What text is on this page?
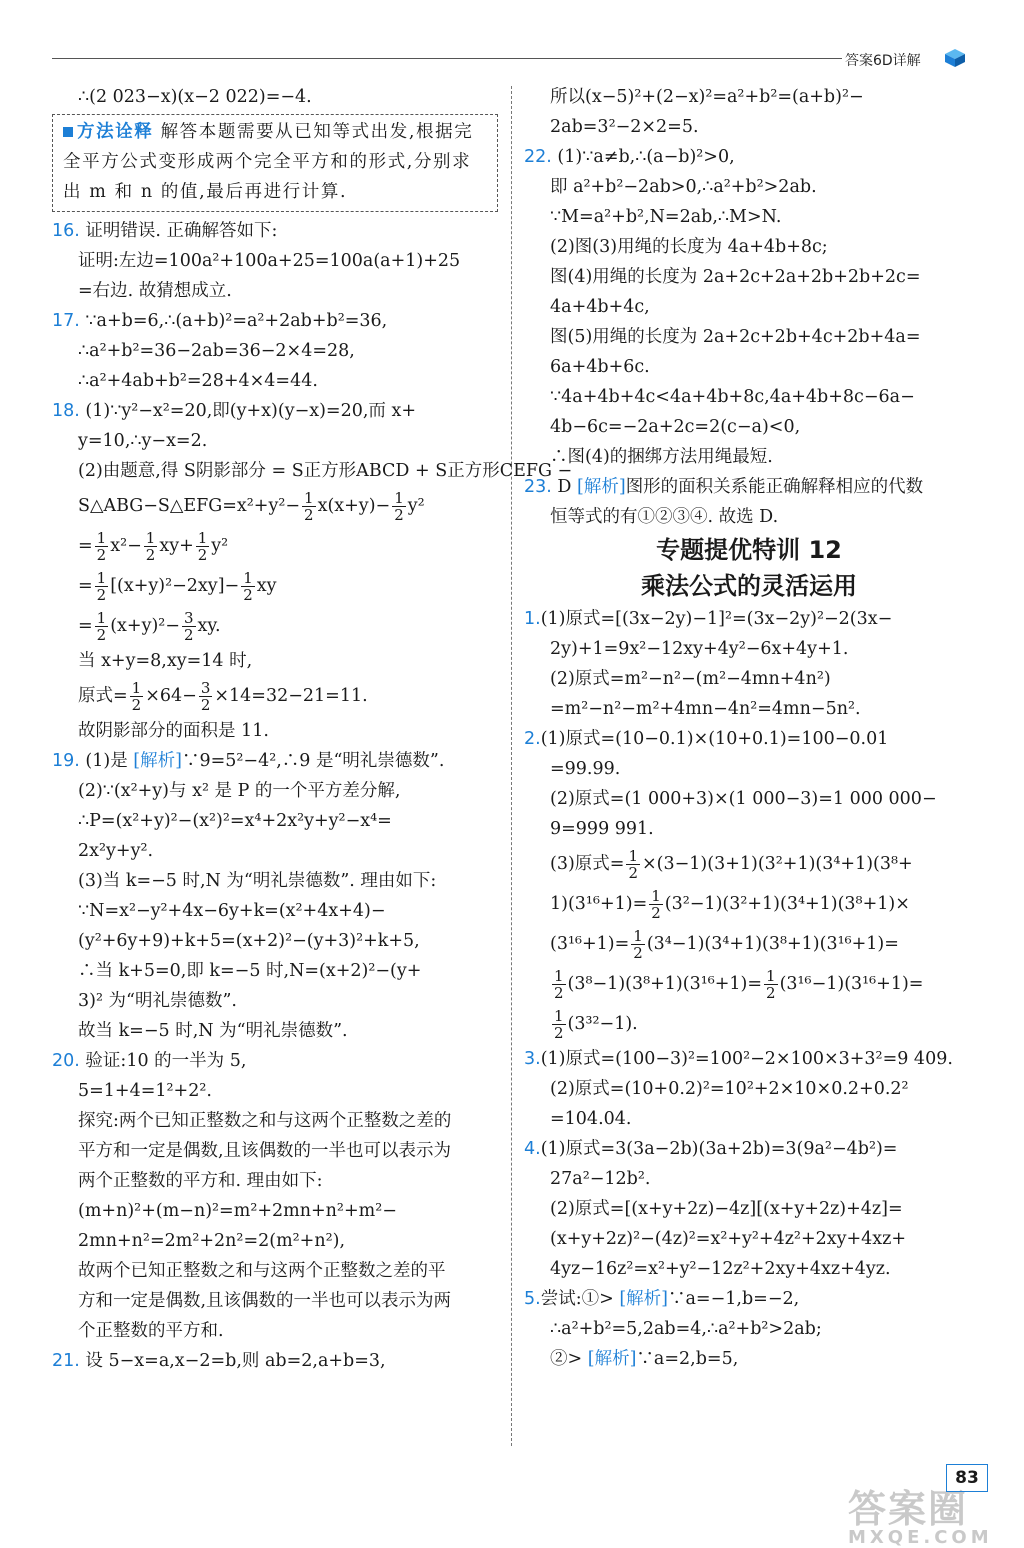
答案6D详解
∴(2 023−x)(x−2 022)=−4.
方法诠释 解答本题需要从已知等式出发,根据完
全平方公式变形成两个完全平方和的形式,分别求
出 m 和 n 的值,最后再进行计算.
16. 证明错误. 正确解答如下:
证明:左边=100a²+100a+25=100a(a+1)+25
=右边. 故猜想成立.
17. ∵a+b=6,∴(a+b)²=a²+2ab+b²=36,
∴a²+b²=36−2ab=36−2×4=28,
∴a²+4ab+b²=28+4×4=44.
18. (1)∵y²−x²=20,即(y+x)(y−x)=20,而 x+
y=10,∴y−x=2.
(2)由题意,得 S阴影部分 = S正方形ABCD + S正方形CEFG −
S△ABG−S△EFG=x²+y²− $\frac{1}{2} x(x+y)- \frac{1}{2} y^2$
= $\frac{1}{2} x^2- \frac{1}{2} xy+ \frac{1}{2} y^2$
= $\frac{1}{2} [(x+y)^2-2xy]- \frac{1}{2}$ xy
= $\frac{1}{2} (x+y)^2- \frac{3}{2}$ xy.
当 x+y=8,xy=14 时,
原式= $\frac{1}{2} \times 64- \frac{3}{2} \times 14=32-21=11$.
故阴影部分的面积是 11.
19. (1)是 [解析]∵9=5²−4²,∴9 是“明礼崇德数”.
(2)∵(x²+y)与 x² 是 P 的一个平方差分解,
∴P=(x²+y)²−(x²)²=x⁴+2x²y+y²−x⁴=
2x²y+y².
(3)当 k=−5 时,N 为“明礼崇德数”. 理由如下:
∵N=x²−y²+4x−6y+k=(x²+4x+4)−
(y²+6y+9)+k+5=(x+2)²−(y+3)²+k+5,
∴当 k+5=0,即 k=−5 时,N=(x+2)²−(y+
3)² 为“明礼崇德数”.
故当 k=−5 时,N 为“明礼崇德数”.
20. 验证:10 的一半为 5,
5=1+4=1²+2².
探究:两个已知正整数之和与这两个正整数之差的
平方和一定是偶数,且该偶数的一半也可以表示为
两个正整数的平方和. 理由如下:
(m+n)²+(m−n)²=m²+2mn+n²+m²−
2mn+n²=2m²+2n²=2(m²+n²),
故两个已知正整数之和与这两个正整数之差的平
方和一定是偶数,且该偶数的一半也可以表示为两
个正整数的平方和.
21. 设 5−x=a,x−2=b,则 ab=2,a+b=3,
所以(x−5)²+(2−x)²=a²+b²=(a+b)²−
2ab=3²−2×2=5.
22. (1)∵a≠b,∴(a−b)²>0,
即 a²+b²−2ab>0,∴a²+b²>2ab.
∵M=a²+b²,N=2ab,∴M>N.
(2)图(3)用绳的长度为 4a+4b+8c;
图(4)用绳的长度为 2a+2c+2a+2b+2b+2c=
4a+4b+4c,
图(5)用绳的长度为 2a+2c+2b+4c+2b+4a=
6a+4b+6c.
∵4a+4b+4c<4a+4b+8c,4a+4b+8c−6a−
4b−6c=−2a+2c=2(c−a)<0,
∴图(4)的捆绑方法用绳最短.
23. D [解析]图形的面积关系能正确解释相应的代数
恒等式的有①②③④. 故选 D.
专题提优特训 12
乘法公式的灵活运用
1.(1)原式=[(3x−2y)−1]²=(3x−2y)²−2(3x−
2y)+1=9x²−12xy+4y²−6x+4y+1.
(2)原式=m²−n²−(m²−4mn+4n²)
=m²−n²−m²+4mn−4n²=4mn−5n².
2.(1)原式=(10−0.1)×(10+0.1)=100−0.01
=99.99.
(2)原式=(1 000+3)×(1 000−3)=1 000 000−
9=999 991.
(3)原式= $\frac{1}{2} \times(3-1)(3+1)(3^2+1)(3^4+1)(3^8+$
$1)(3^{16}+1)= \frac{1}{2} (3^2-1)(3^2+1)(3^4+1)(3^8+1)\times$
$(3^{16}+1)= \frac{1}{2} (3^4-1)(3^4+1)(3^8+1)(3^{16}+1)=$
$\frac{1}{2} (3^8-1)(3^8+1)(3^{16}+1)= \frac{1}{2} (3^{16}-1)(3^{16}+1)=$
$\frac{1}{2} (3^{32}-1)$.
3.(1)原式=(100−3)²=100²−2×100×3+3²=9 409.
(2)原式=(10+0.2)²=10²+2×10×0.2+0.2²
=104.04.
4.(1)原式=3(3a−2b)(3a+2b)=3(9a²−4b²)=
27a²−12b².
(2)原式=[(x+y+2z)−4z][(x+y+2z)+4z]=
(x+y+2z)²−(4z)²=x²+y²+4z²+2xy+4xz+
4yz−16z²=x²+y²−12z²+2xy+4xz+4yz.
5.尝试:①> [解析]∵a=−1,b=−2,
∴a²+b²=5,2ab=4,∴a²+b²>2ab;
②> [解析]∵a=2,b=5,
答案圈
MXQE.COM
83
